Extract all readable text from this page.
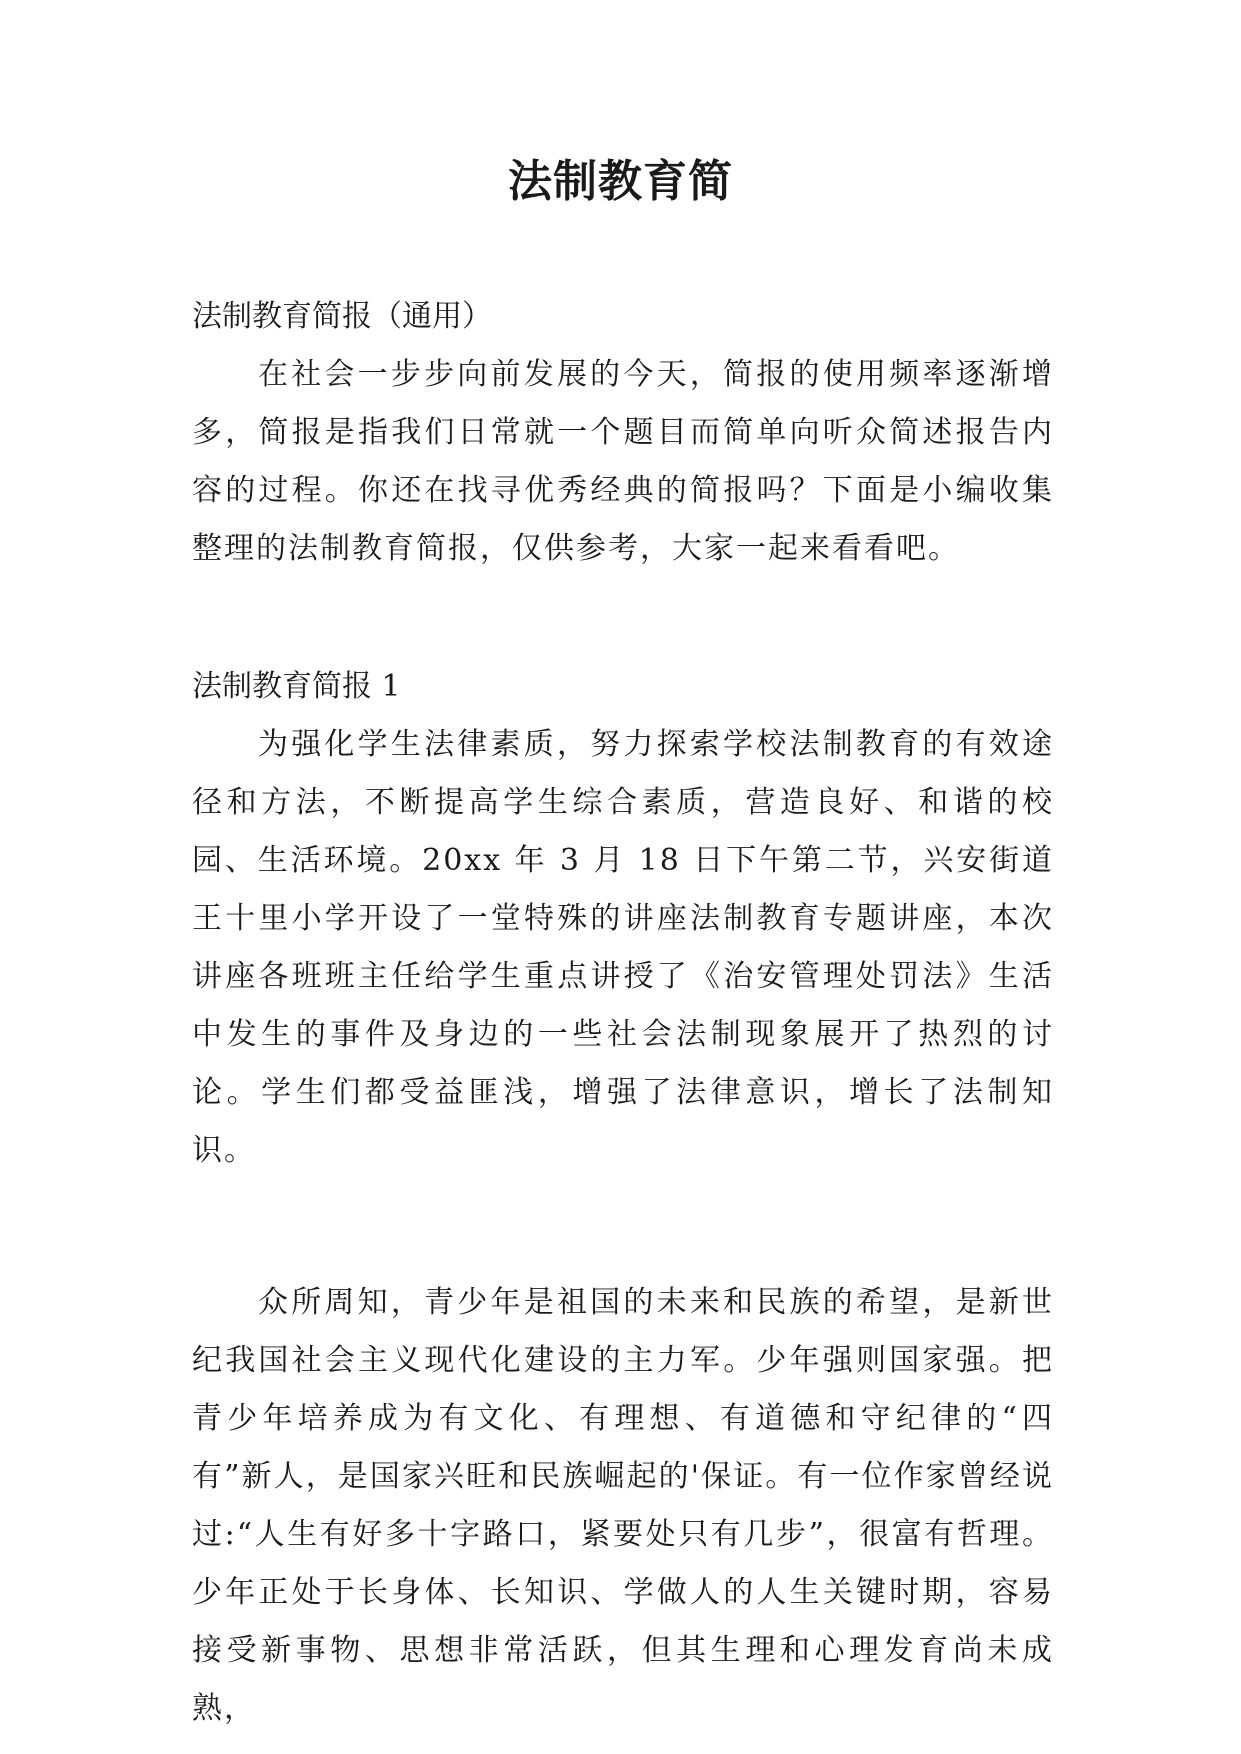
法制教育简

法制教育简报（通用）

在社会一步步向前发展的今天，简报的使用频率逐渐增多，简报是指我们日常就一个题目而简单向听众简述报告内容的过程。你还在找寻优秀经典的简报吗？下面是小编收集整理的法制教育简报，仅供参考，大家一起来看看吧。

法制教育简报 1

为强化学生法律素质，努力探索学校法制教育的有效途径和方法，不断提高学生综合素质，营造良好、和谐的校园、生活环境。20xx 年 3 月 18 日下午第二节，兴安街道王十里小学开设了一堂特殊的讲座法制教育专题讲座，本次讲座各班班主任给学生重点讲授了《治安管理处罚法》生活中发生的事件及身边的一些社会法制现象展开了热烈的讨论。学生们都受益匪浅，增强了法律意识，增长了法制知识。

众所周知，青少年是祖国的未来和民族的希望，是新世纪我国社会主义现代化建设的主力军。少年强则国家强。把青少年培养成为有文化、有理想、有道德和守纪律的“四有”新人，是国家兴旺和民族崛起的'保证。有一位作家曾经说过:“人生有好多十字路口，紧要处只有几步”，很富有哲理。少年正处于长身体、长知识、学做人的人生关键时期，容易接受新事物、思想非常活跃，但其生理和心理发育尚未成熟，
